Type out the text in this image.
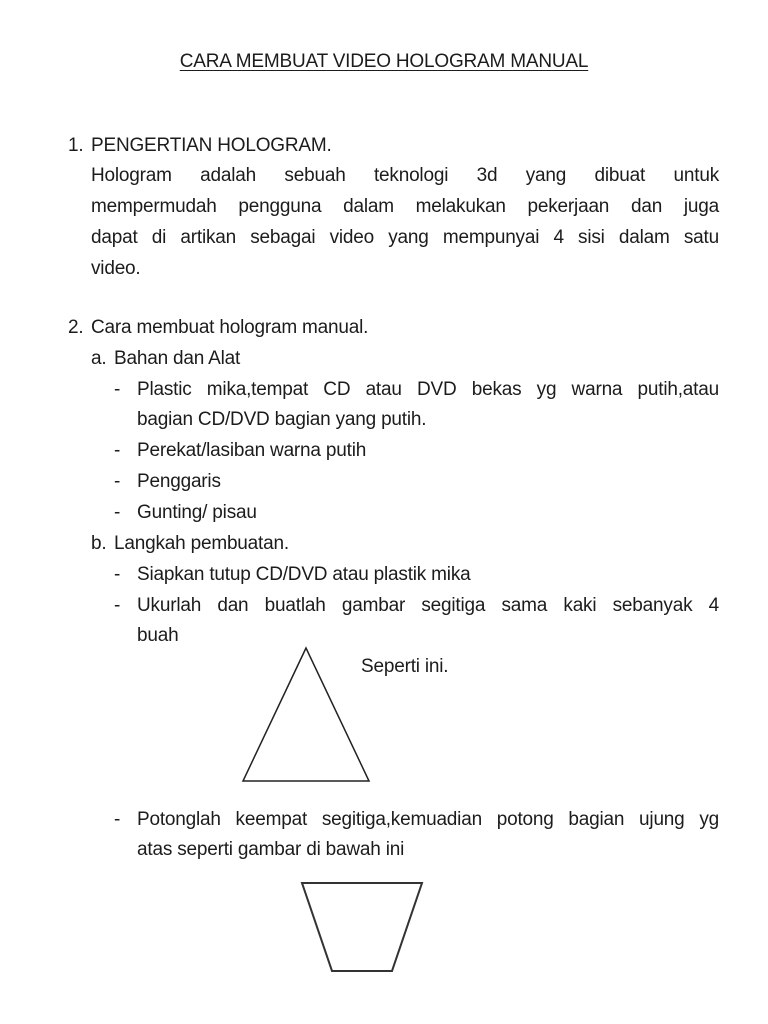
CARA MEMBUAT VIDEO HOLOGRAM MANUAL
1. PENGERTIAN HOLOGRAM.
Hologram adalah sebuah teknologi 3d yang dibuat untuk
mempermudah pengguna dalam melakukan pekerjaan dan juga
dapat di artikan sebagai video yang mempunyai 4 sisi dalam satu
video.
2. Cara membuat hologram manual.
a. Bahan dan Alat
- Plastic mika,tempat CD atau DVD bekas yg warna putih,atau
bagian CD/DVD bagian yang putih.
- Perekat/lasiban warna putih
- Penggaris
- Gunting/ pisau
b. Langkah pembuatan.
- Siapkan tutup CD/DVD atau plastik mika
- Ukurlah dan buatlah gambar segitiga sama kaki sebanyak 4
buah
Seperti ini.
- Potonglah keempat segitiga,kemuadian potong bagian ujung yg
atas seperti gambar di bawah ini
